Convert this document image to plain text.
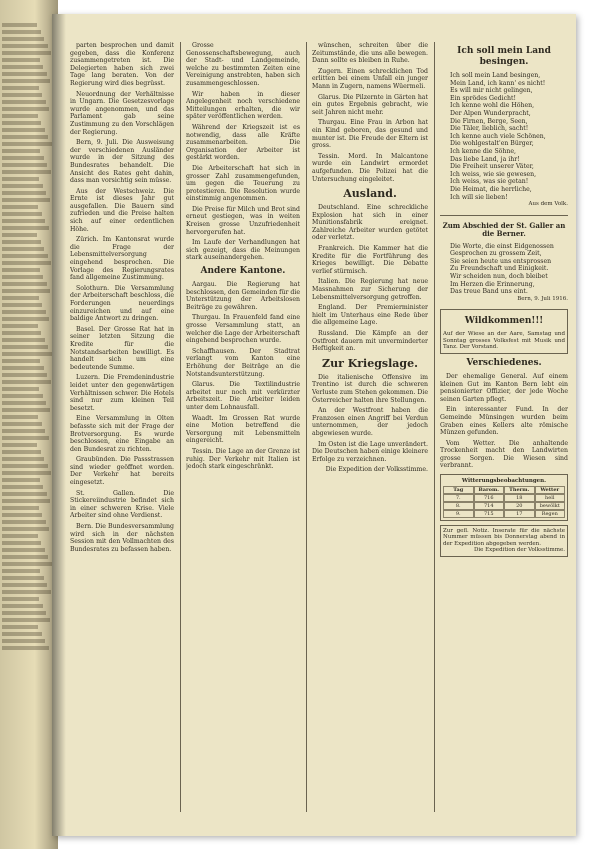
parten besprochen und damit gegeben, dass die Konferenz zusammengetreten ist. Die Delegierten haben sich zwei Tage lang beraten. Von der Regierung wird dies begrüsst.

Neuordnung der Verhältnisse in Ungarn. Die Gesetzesvorlage wurde angenommen, und das Parlament gab seine Zustimmung zu den Vorschlägen der Regierung.

Bern, 9. Juli. Die Ausweisung der verschiedenen Ausländer wurde in der Sitzung des Bundesrates behandelt. Die Ansicht des Rates geht dahin, dass man vorsichtig sein müsse.

Aus der Westschweiz. Die Ernte ist dieses Jahr gut ausgefallen. Die Bauern sind zufrieden und die Preise halten sich auf einer ordentlichen Höhe.

Zürich. Im Kantonsrat wurde die Frage der Lebensmittelversorgung eingehend besprochen. Die Vorlage des Regierungsrates fand allgemeine Zustimmung.

Solothurn. Die Versammlung der Arbeiterschaft beschloss, die Forderungen neuerdings einzureichen und auf eine baldige Antwort zu dringen.

Basel. Der Grosse Rat hat in seiner letzten Sitzung die Kredite für die Notstandsarbeiten bewilligt. Es handelt sich um eine bedeutende Summe.

Luzern. Die Fremdenindustrie leidet unter den gegenwärtigen Verhältnissen schwer. Die Hotels sind nur zum kleinen Teil besetzt.

Eine Versammlung in Olten befasste sich mit der Frage der Brotversorgung. Es wurde beschlossen, eine Eingabe an den Bundesrat zu richten.

Graubünden. Die Passstrassen sind wieder geöffnet worden. Der Verkehr hat bereits eingesetzt.

St. Gallen. Die Stickereiindustrie befindet sich in einer schweren Krise. Viele Arbeiter sind ohne Verdienst.

Bern. Die Bundesversammlung wird sich in der nächsten Session mit den Vollmachten des Bundesrates zu befassen haben.

Grosse Genossenschaftsbewegung, auch der Stadt- und Landgemeinde, welche zu bestimmten Zeiten eine Vereinigung anstrebten, haben sich zusammengeschlossen.

Wir haben in dieser Angelegenheit noch verschiedene Mitteilungen erhalten, die wir später veröffentlichen werden.

Während der Kriegszeit ist es notwendig, dass alle Kräfte zusammenarbeiten. Die Organisation der Arbeiter ist gestärkt worden.

Die Arbeiterschaft hat sich in grosser Zahl zusammengefunden, um gegen die Teuerung zu protestieren. Die Resolution wurde einstimmig angenommen.

Die Preise für Milch und Brot sind erneut gestiegen, was in weiten Kreisen grosse Unzufriedenheit hervorgerufen hat.

Im Laufe der Verhandlungen hat sich gezeigt, dass die Meinungen stark auseinandergehen.

Andere Kantone.

Aargau. Die Regierung hat beschlossen, den Gemeinden für die Unterstützung der Arbeitslosen Beiträge zu gewähren.

Thurgau. In Frauenfeld fand eine grosse Versammlung statt, an welcher die Lage der Arbeiterschaft eingehend besprochen wurde.

Schaffhausen. Der Stadtrat verlangt vom Kanton eine Erhöhung der Beiträge an die Notstandsunterstützung.

Glarus. Die Textilindustrie arbeitet nur noch mit verkürzter Arbeitszeit. Die Arbeiter leiden unter dem Lohnausfall.

Waadt. Im Grossen Rat wurde eine Motion betreffend die Versorgung mit Lebensmitteln eingereicht.

Tessin. Die Lage an der Grenze ist ruhig. Der Verkehr mit Italien ist jedoch stark eingeschränkt.

wünschen, schreiten über die Zeitumstände, die uns alle bewegen. Dann sollte es bleiben in Ruhe.

Zugern. Einen schrecklichen Tod erlitten bei einem Unfall ein junger Mann in Zugern, namens Wüermeli.

Glarus. Die Pilzernte in Gärten hat ein gutes Ergebnis gebracht, wie seit Jahren nicht mehr.

Thurgau. Eine Frau in Arbon hat ein Kind geboren, das gesund und munter ist. Die Freude der Eltern ist gross.

Tessin. Mord. In Malcantone wurde ein Landwirt ermordet aufgefunden. Die Polizei hat die Untersuchung eingeleitet.

Ausland.

Deutschland. Eine schreckliche Explosion hat sich in einer Munitionsfabrik ereignet. Zahlreiche Arbeiter wurden getötet oder verletzt.

Frankreich. Die Kammer hat die Kredite für die Fortführung des Krieges bewilligt. Die Debatte verlief stürmisch.

Italien. Die Regierung hat neue Massnahmen zur Sicherung der Lebensmittelversorgung getroffen.

England. Der Premierminister hielt im Unterhaus eine Rede über die allgemeine Lage.

Russland. Die Kämpfe an der Ostfront dauern mit unverminderter Heftigkeit an.

Zur Kriegslage.

Die italienische Offensive im Trentino ist durch die schweren Verluste zum Stehen gekommen. Die Österreicher halten ihre Stellungen.

An der Westfront haben die Franzosen einen Angriff bei Verdun unternommen, der jedoch abgewiesen wurde.

Im Osten ist die Lage unverändert. Die Deutschen haben einige kleinere Erfolge zu verzeichnen.

Die Expedition der Volksstimme.

Ich soll mein Land besingen.
Ich soll mein Land besingen,
Mein Land, ich kann' es nicht!
Es will mir nicht gelingen,
Ein sprödes Gedicht!
Ich kenne wohl die Höhen,
Der Alpen Wunderpracht,
Die Firnen, Berge, Seen,
Die Täler, lieblich, sacht!
Ich kenne auch viele Schönen,
Die wohlgestalt'en Bürger,
Ich kenne die Söhne,
Das liebe Land, ja ihr!
Die Freiheit unserer Väter,
Ich weiss, wie sie gewesen,
Ich weiss, was sie getan!
Die Heimat, die herrliche,
Ich will sie lieben!
Aus dem Volk.
Zum Abschied der St. Galler an die Berner.
Die Worte, die einst Eidgenossen
Gesprochen zu grossem Zeit,
Sie seien heute uns entsprossen
Zu Freundschaft und Einigkeit.
Wir scheiden nun, doch bleibet
Im Herzen die Erinnerung,
Das treue Band uns eint.
Bern, 9. Juli 1916.
Wildkommen!!!
Auf der Wiese an der Aare, Samstag und Sonntag grosses Volksfest mit Musik und Tanz. Der Vorstand.
Verschiedenes.

Der ehemalige General. Auf einem kleinen Gut im Kanton Bern lebt ein pensionierter Offizier, der jede Woche seinen Garten pflegt.

Ein interessanter Fund. In der Gemeinde Münsingen wurden beim Graben eines Kellers alte römische Münzen gefunden.

Vom Wetter. Die anhaltende Trockenheit macht den Landwirten grosse Sorgen. Die Wiesen sind verbrannt.

Witterungsbeobachtungen.
Tag	Barom.	Therm.	Wetter
7.	716	18	hell
8.	714	20	bewölkt
9.	715	17	Regen
Zur gefl. Notiz. Inserate für die nächste Nummer müssen bis Donnerstag abend in der Expedition abgegeben werden.
Die Expedition der Volksstimme.
